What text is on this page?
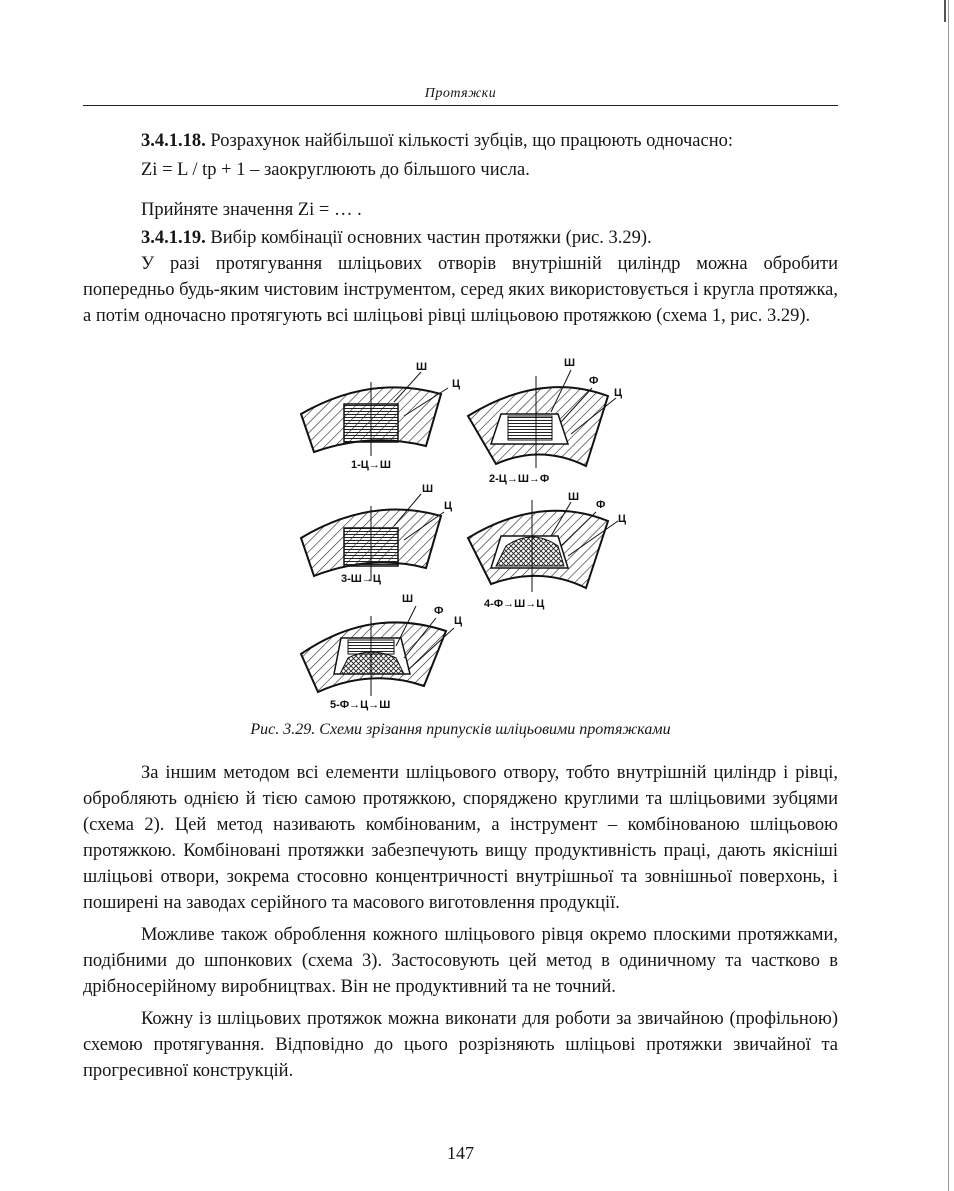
Протяжки
3.4.1.18. Розрахунок найбільшої кількості зубців, що працюють одночасно:
Zi = L / tp + 1 – заокруглюють до більшого числа.
Прийняте значення Zi = … .
3.4.1.19. Вибір комбінації основних частин протяжки (рис. 3.29).

У разі протягування шліцьових отворів внутрішній циліндр можна обробити попередньо будь-яким чистовим інструментом, серед яких використовується і кругла протяжка, а потім одночасно протягують всі шліцьові рівці шліцьовою протяжкою (схема 1, рис. 3.29).

Ш
Ц
1-Ц→Ш
Ш
Ф
Ц
2-Ц→Ш→Ф
Ш
Ц
3-Ш→Ц
Ш
Ф
Ц
4-Ф→Ш→Ц
Ш
Ф
Ц
5-Ф→Ц→Ш
Рис. 3.29. Схеми зрізання припусків шліцьовими протяжками

За іншим методом всі елементи шліцьового отвору, тобто внутрішній циліндр і рівці, обробляють однією й тією самою протяжкою, споряджено круглими та шліцьовими зубцями (схема 2). Цей метод називають комбінованим, а інструмент – комбінованою шліцьовою протяжкою. Комбіновані протяжки забезпечують вищу продуктивність праці, дають якісніші шліцьові отвори, зокрема стосовно концентричності внутрішньої та зовнішньої поверхонь, і поширені на заводах серійного та масового виготовлення продукції.

Можливе також оброблення кожного шліцьового рівця окремо плоскими протяжками, подібними до шпонкових (схема 3). Застосовують цей метод в одиничному та частково в дрібносерійному виробництвах. Він не продуктивний та не точний.

Кожну із шліцьових протяжок можна виконати для роботи за звичайною (профільною) схемою протягування. Відповідно до цього розрізняють шліцьові протяжки звичайної та прогресивної конструкцій.

147
